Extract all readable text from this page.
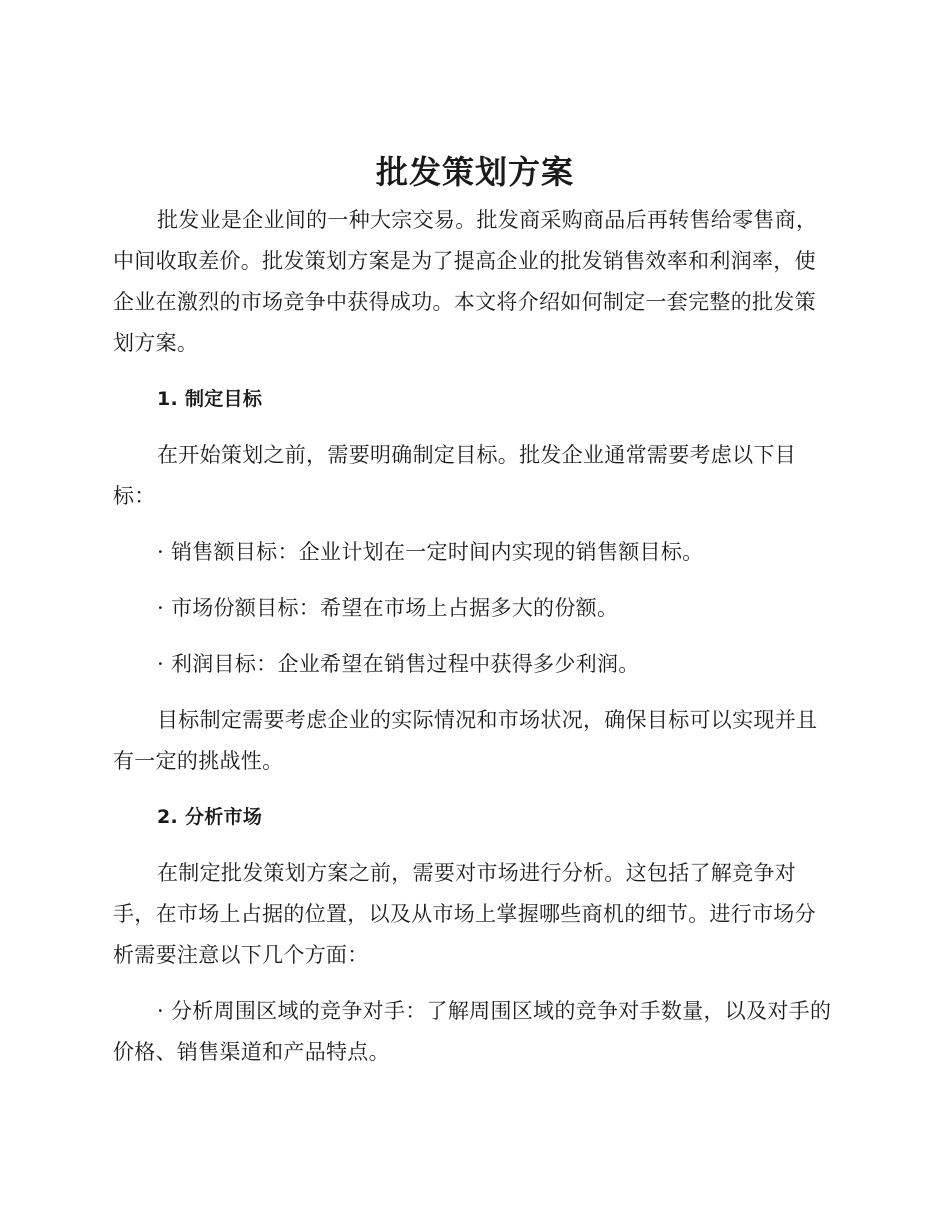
批发策划方案

批发业是企业间的一种大宗交易。批发商采购商品后再转售给零售商，中间收取差价。批发策划方案是为了提高企业的批发销售效率和利润率，使企业在激烈的市场竞争中获得成功。本文将介绍如何制定一套完整的批发策划方案。

1. 制定目标

在开始策划之前，需要明确制定目标。批发企业通常需要考虑以下目标：

· 销售额目标：企业计划在一定时间内实现的销售额目标。

· 市场份额目标：希望在市场上占据多大的份额。

· 利润目标：企业希望在销售过程中获得多少利润。

目标制定需要考虑企业的实际情况和市场状况，确保目标可以实现并且有一定的挑战性。

2. 分析市场

在制定批发策划方案之前，需要对市场进行分析。这包括了解竞争对手，在市场上占据的位置，以及从市场上掌握哪些商机的细节。进行市场分析需要注意以下几个方面：

· 分析周围区域的竞争对手：了解周围区域的竞争对手数量，以及对手的价格、销售渠道和产品特点。
